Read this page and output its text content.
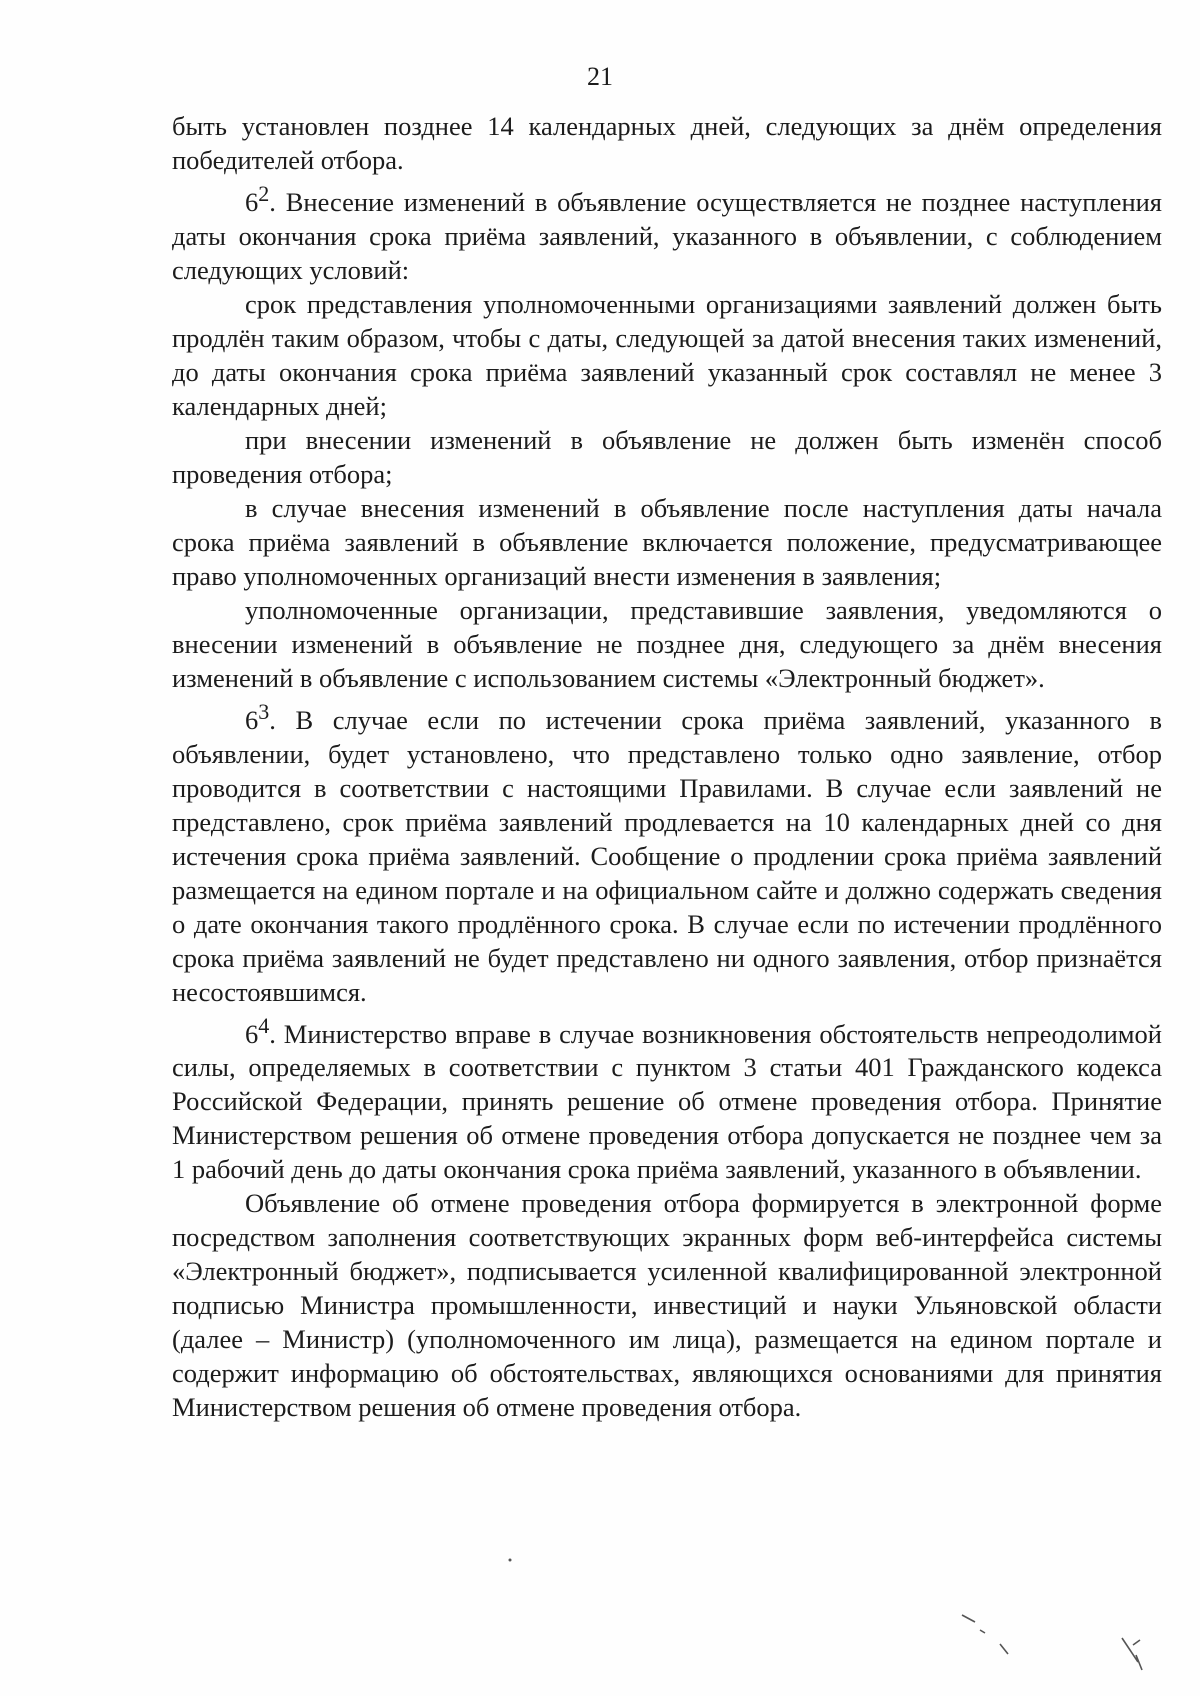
21

быть установлен позднее 14 календарных дней, следующих за днём определения победителей отбора.

$6^2$. Внесение изменений в объявление осуществляется не позднее наступления даты окончания срока приёма заявлений, указанного в объявлении, с соблюдением следующих условий:

срок представления уполномоченными организациями заявлений должен быть продлён таким образом, чтобы с даты, следующей за датой внесения таких изменений, до даты окончания срока приёма заявлений указанный срок составлял не менее 3 календарных дней;

при внесении изменений в объявление не должен быть изменён способ проведения отбора;

в случае внесения изменений в объявление после наступления даты начала срока приёма заявлений в объявление включается положение, предусматривающее право уполномоченных организаций внести изменения в заявления;

уполномоченные организации, представившие заявления, уведомляются о внесении изменений в объявление не позднее дня, следующего за днём внесения изменений в объявление с использованием системы «Электронный бюджет».

$6^3$. В случае если по истечении срока приёма заявлений, указанного в объявлении, будет установлено, что представлено только одно заявление, отбор проводится в соответствии с настоящими Правилами. В случае если заявлений не представлено, срок приёма заявлений продлевается на 10 календарных дней со дня истечения срока приёма заявлений. Сообщение о продлении срока приёма заявлений размещается на едином портале и на официальном сайте и должно содержать сведения о дате окончания такого продлённого срока. В случае если по истечении продлённого срока приёма заявлений не будет представлено ни одного заявления, отбор признаётся несостоявшимся.

$6^4$. Министерство вправе в случае возникновения обстоятельств непреодолимой силы, определяемых в соответствии с пунктом 3 статьи 401 Гражданского кодекса Российской Федерации, принять решение об отмене проведения отбора. Принятие Министерством решения об отмене проведения отбора допускается не позднее чем за 1 рабочий день до даты окончания срока приёма заявлений, указанного в объявлении.

Объявление об отмене проведения отбора формируется в электронной форме посредством заполнения соответствующих экранных форм веб-интерфейса системы «Электронный бюджет», подписывается усиленной квалифицированной электронной подписью Министра промышленности, инвестиций и науки Ульяновской области (далее – Министр) (уполномоченного им лица), размещается на едином портале и содержит информацию об обстоятельствах, являющихся основаниями для принятия Министерством решения об отмене проведения отбора.
